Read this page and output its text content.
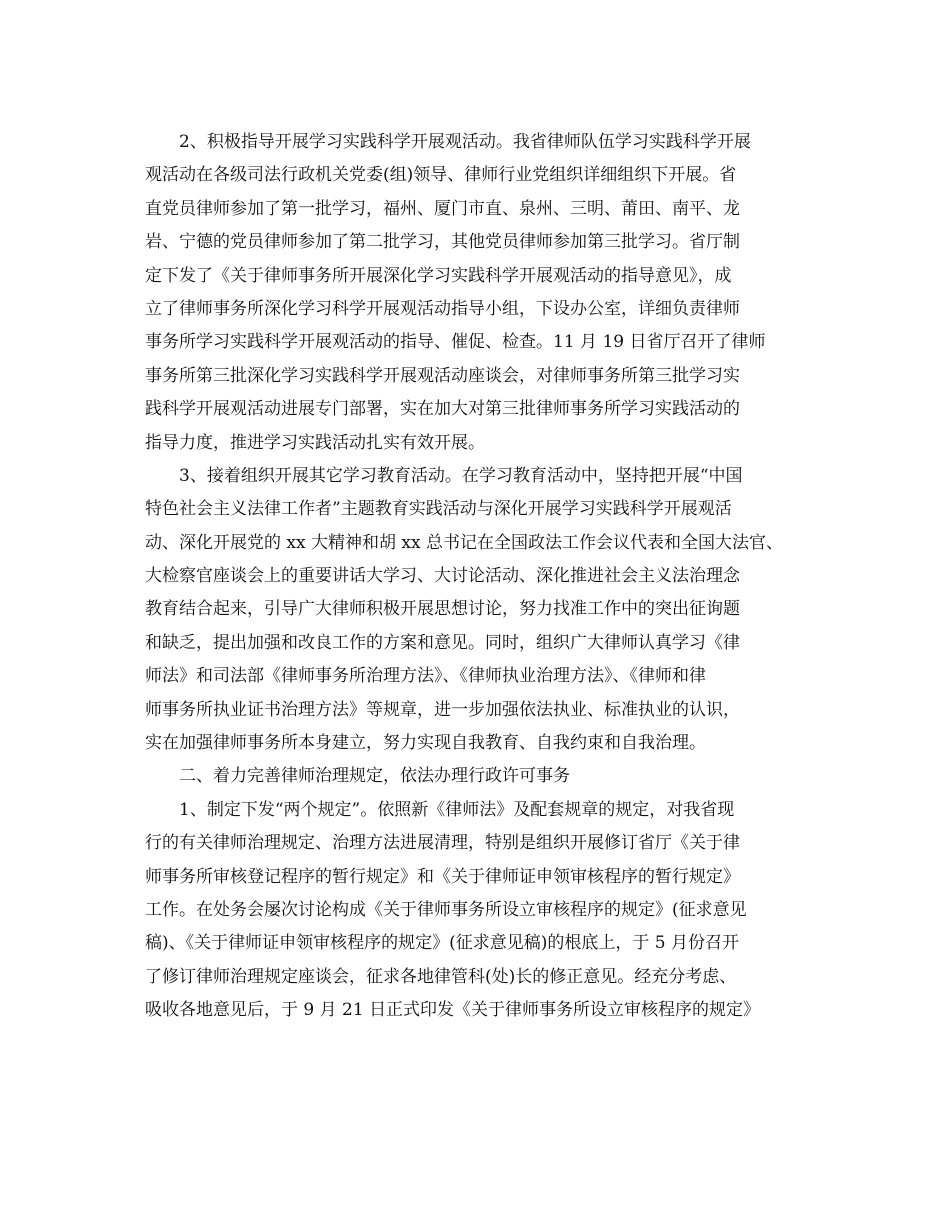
2、积极指导开展学习实践科学开展观活动。我省律师队伍学习实践科学开展
观活动在各级司法行政机关党委(组)领导、律师行业党组织详细组织下开展。省
直党员律师参加了第一批学习，福州、厦门市直、泉州、三明、莆田、南平、龙
岩、宁德的党员律师参加了第二批学习，其他党员律师参加第三批学习。省厅制
定下发了《关于律师事务所开展深化学习实践科学开展观活动的指导意见》，成
立了律师事务所深化学习科学开展观活动指导小组，下设办公室，详细负责律师
事务所学习实践科学开展观活动的指导、催促、检查。11 月 19 日省厅召开了律师
事务所第三批深化学习实践科学开展观活动座谈会，对律师事务所第三批学习实
践科学开展观活动进展专门部署，实在加大对第三批律师事务所学习实践活动的
指导力度，推进学习实践活动扎实有效开展。
3、接着组织开展其它学习教育活动。在学习教育活动中，坚持把开展“中国
特色社会主义法律工作者”主题教育实践活动与深化开展学习实践科学开展观活
动、深化开展党的 xx 大精神和胡 xx 总书记在全国政法工作会议代表和全国大法官、
大检察官座谈会上的重要讲话大学习、大讨论活动、深化推进社会主义法治理念
教育结合起来，引导广大律师积极开展思想讨论，努力找准工作中的突出征询题
和缺乏，提出加强和改良工作的方案和意见。同时，组织广大律师认真学习《律
师法》和司法部《律师事务所治理方法》、《律师执业治理方法》、《律师和律
师事务所执业证书治理方法》等规章，进一步加强依法执业、标准执业的认识，
实在加强律师事务所本身建立，努力实现自我教育、自我约束和自我治理。
二、着力完善律师治理规定，依法办理行政许可事务
1、制定下发“两个规定”。依照新《律师法》及配套规章的规定，对我省现
行的有关律师治理规定、治理方法进展清理，特别是组织开展修订省厅《关于律
师事务所审核登记程序的暂行规定》和《关于律师证申领审核程序的暂行规定》
工作。在处务会屡次讨论构成《关于律师事务所设立审核程序的规定》(征求意见
稿)、《关于律师证申领审核程序的规定》(征求意见稿)的根底上，于 5 月份召开
了修订律师治理规定座谈会，征求各地律管科(处)长的修正意见。经充分考虑、
吸收各地意见后，于 9 月 21 日正式印发《关于律师事务所设立审核程序的规定》
